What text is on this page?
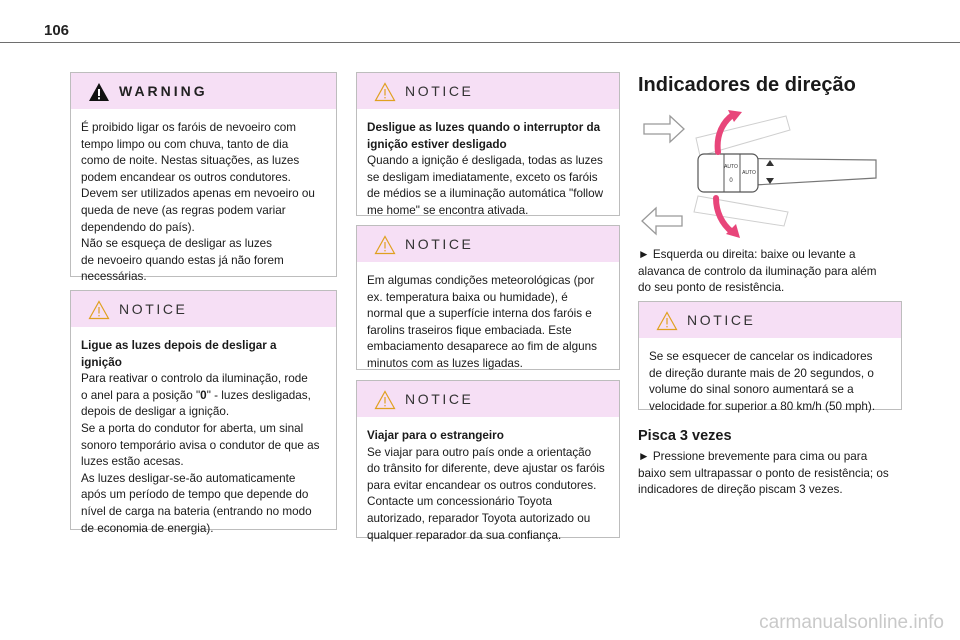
106
WARNING

É proibido ligar os faróis de nevoeiro com

tempo limpo ou com chuva, tanto de dia

como de noite. Nestas situações, as luzes

podem encandear os outros condutores.

Devem ser utilizados apenas em nevoeiro ou

queda de neve (as regras podem variar

dependendo do país).

Não se esqueça de desligar as luzes

de nevoeiro quando estas já não forem

necessárias.

NOTICE

Ligue as luzes depois de desligar a

ignição

Para reativar o controlo da iluminação, rode

o anel para a posição "0" - luzes desligadas,

depois de desligar a ignição.

Se a porta do condutor for aberta, um sinal

sonoro temporário avisa o condutor de que as

luzes estão acesas.

As luzes desligar-se-ão automaticamente

após um período de tempo que depende do

nível de carga na bateria (entrando no modo

de economia de energia).

NOTICE

Desligue as luzes quando o interruptor da

ignição estiver desligado

Quando a ignição é desligada, todas as luzes

se desligam imediatamente, exceto os faróis

de médios se a iluminação automática "follow

me home" se encontra ativada.

NOTICE

Em algumas condições meteorológicas (por

ex. temperatura baixa ou humidade), é

normal que a superfície interna dos faróis e

farolins traseiros fique embaciada. Este

embaciamento desaparece ao fim de alguns

minutos com as luzes ligadas.

NOTICE

Viajar para o estrangeiro

Se viajar para outro país onde a orientação

do trânsito for diferente, deve ajustar os faróis

para evitar encandear os outros condutores.

Contacte um concessionário Toyota

autorizado, reparador Toyota autorizado ou

qualquer reparador da sua confiança.

Indicadores de direção
AUTO
AUTO
0

► Esquerda ou direita: baixe ou levante a

alavanca de controlo da iluminação para além

do seu ponto de resistência.

NOTICE

Se se esquecer de cancelar os indicadores

de direção durante mais de 20 segundos, o

volume do sinal sonoro aumentará se a

velocidade for superior a 80 km/h (50 mph).

Pisca 3 vezes

► Pressione brevemente para cima ou para

baixo sem ultrapassar o ponto de resistência; os

indicadores de direção piscam 3 vezes.

carmanualsonline.info
